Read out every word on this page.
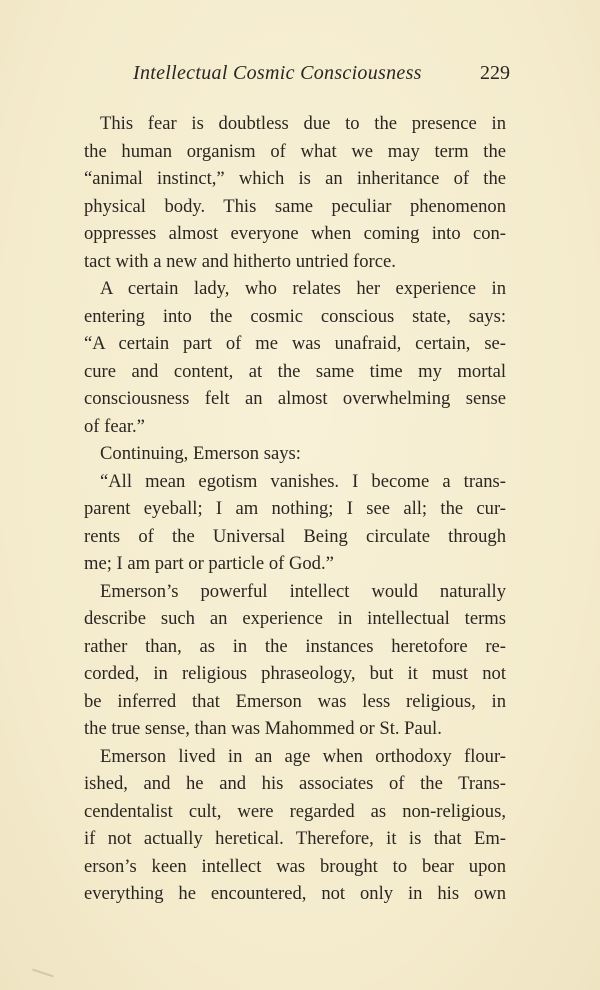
Intellectual Cosmic Consciousness	229
This fear is doubtless due to the presence in
the human organism of what we may term the
“animal instinct,” which is an inheritance of the
physical body. This same peculiar phenomenon
oppresses almost everyone when coming into con-
tact with a new and hitherto untried force.
A certain lady, who relates her experience in
entering into the cosmic conscious state, says:
“A certain part of me was unafraid, certain, se-
cure and content, at the same time my mortal
consciousness felt an almost overwhelming sense
of fear.”
Continuing, Emerson says:
“All mean egotism vanishes. I become a trans-
parent eyeball; I am nothing; I see all; the cur-
rents of the Universal Being circulate through
me; I am part or particle of God.”
Emerson’s powerful intellect would naturally
describe such an experience in intellectual terms
rather than, as in the instances heretofore re-
corded, in religious phraseology, but it must not
be inferred that Emerson was less religious, in
the true sense, than was Mahommed or St. Paul.
Emerson lived in an age when orthodoxy flour-
ished, and he and his associates of the Trans-
cendentalist cult, were regarded as non-religious,
if not actually heretical. Therefore, it is that Em-
erson’s keen intellect was brought to bear upon
everything he encountered, not only in his own
